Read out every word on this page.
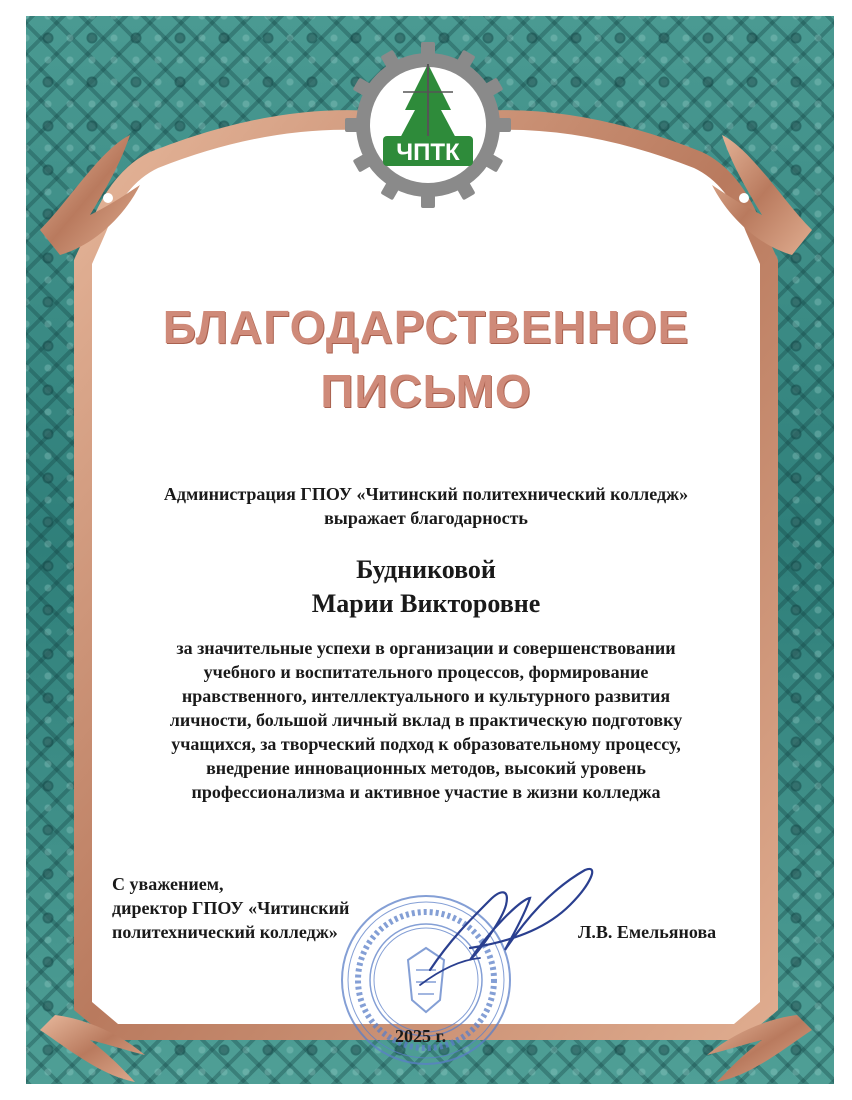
ЧПТК
БЛАГОДАРСТВЕННОЕ
ПИСЬМО
Администрация ГПОУ «Читинский политехнический колледж»
выражает благодарность
Будниковой
Марии Викторовне
за значительные успехи в организации и совершенствовании
учебного и воспитательного процессов, формирование
нравственного, интеллектуального и культурного развития
личности, большой личный вклад в практическую подготовку
учащихся, за творческий подход к образовательному процессу,
внедрение инновационных методов, высокий уровень
профессионализма и активное участие в жизни колледжа
С уважением,
директор ГПОУ «Читинский
политехнический колледж»	Л.В. Емельянова
2025 г.
